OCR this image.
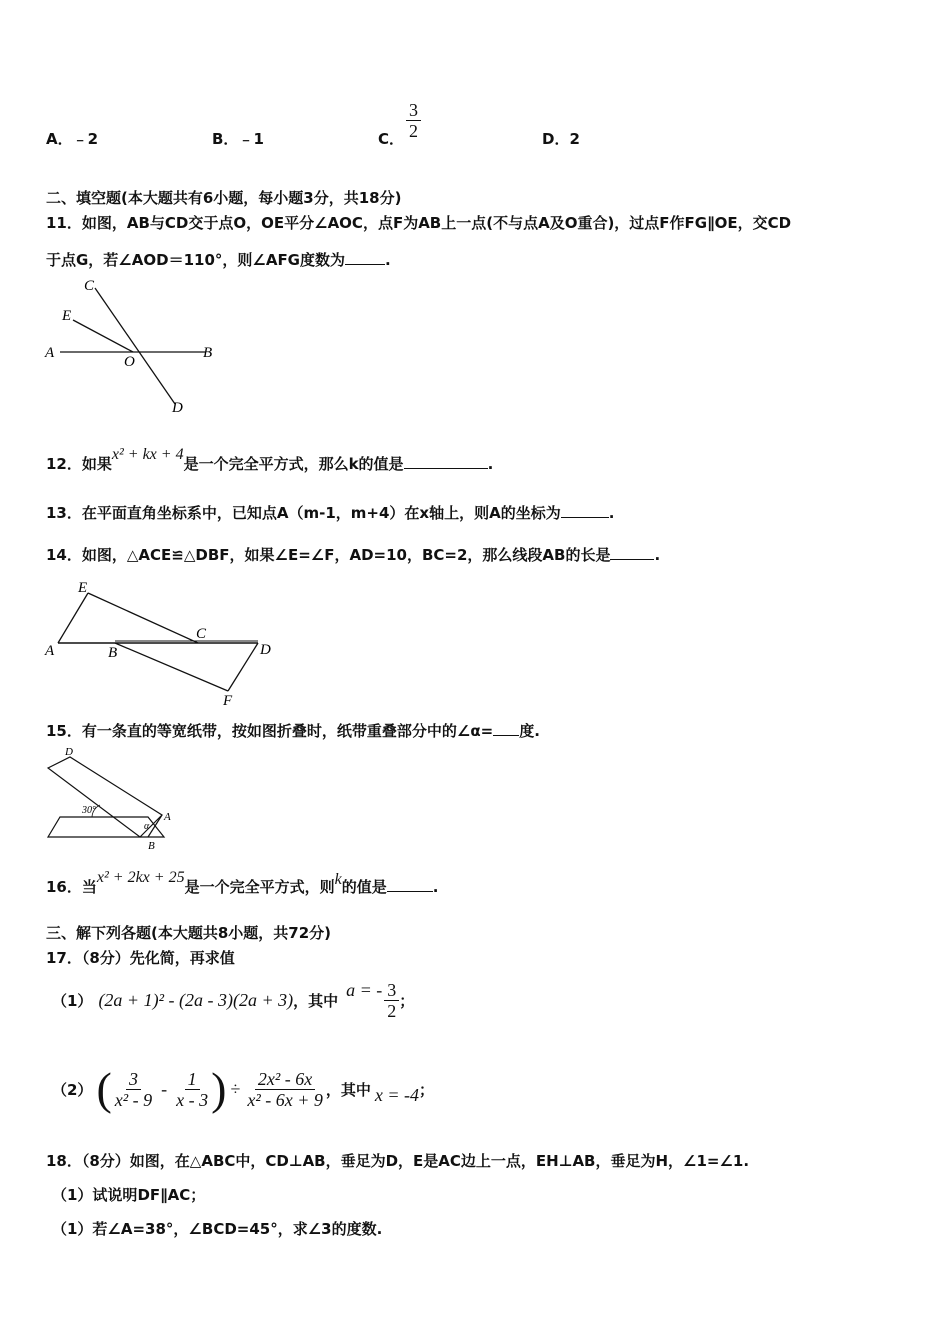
A．﹣2	B．﹣1	C． $\frac{3}{2}$	D．2
二、填空题(本大题共有6小题，每小题3分，共18分)
11．如图，AB与CD交于点O，OE平分∠AOC，点F为AB上一点(不与点A及O重合)，过点F作FG∥OE，交CD
于点G，若∠AOD＝110°，则∠AFG度数为	.
A	B
C
D
E
O
12．如果x² + kx + 4是一个完全平方式，那么k的值是	.
13．在平面直角坐标系中，已知点A（m-1，m+4）在x轴上，则A的坐标为	.
14．如图，△ACE≌△DBF，如果∠E=∠F，AD=10，BC=2，那么线段AB的长是	.
A	B
C
D
E
F
15．有一条直的等宽纸带，按如图折叠时，纸带重叠部分中的∠α= 度.
D
A
B
30°
α
16．当x² + 2kx + 25是一个完全平方式，则k的值是	.
三、解下列各题(本大题共8小题，共72分)
17．（8分）先化简，再求值
（1） (2a + 1)² - (2a - 3)(2a + 3) ，其中
a = - $\frac{3}{2}$ ；
（2） ( $\frac{3}{\text{x² - 9}} - \frac{1}{x - 3}$ ) ÷ $\frac{\text{2x² - 6x}}{\text{x² - 6x + 9}}$ ，其中 x = -4 ；
18．（8分）如图，在△ABC中，CD⊥AB，垂足为D，E是AC边上一点，EH⊥AB，垂足为H，∠1=∠1.
（1）试说明DF∥AC；
（1）若∠A=38°，∠BCD=45°，求∠3的度数.
